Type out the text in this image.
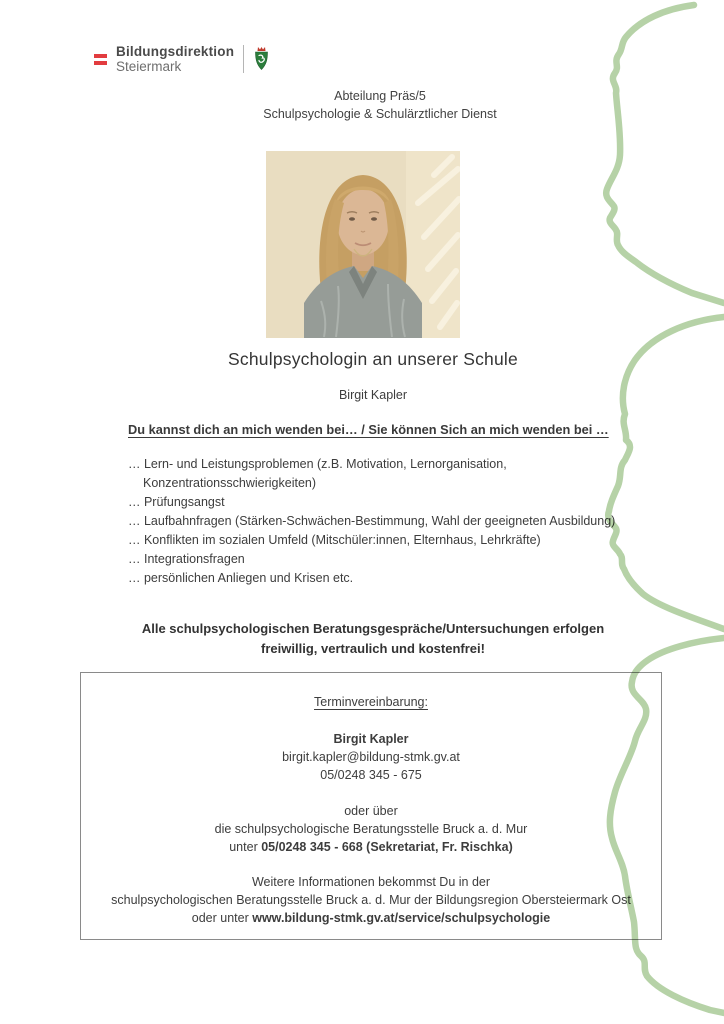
Bildungsdirektion
Steiermark
Abteilung Präs/5
Schulpsychologie & Schulärztlicher Dienst
Schulpsychologin an unserer Schule
Birgit Kapler
Du kannst dich an mich wenden bei… / Sie können Sich an mich wenden bei …
… Lern- und Leistungsproblemen (z.B. Motivation, Lernorganisation, Konzentrationsschwierigkeiten)
… Prüfungsangst
… Laufbahnfragen (Stärken-Schwächen-Bestimmung, Wahl der geeigneten Ausbildung)
… Konflikten im sozialen Umfeld (Mitschüler:innen, Elternhaus, Lehrkräfte)
… Integrationsfragen
… persönlichen Anliegen und Krisen etc.
Alle schulpsychologischen Beratungsgespräche/Untersuchungen erfolgen
freiwillig, vertraulich und kostenfrei!
Terminvereinbarung:
Birgit Kapler
birgit.kapler@bildung-stmk.gv.at
05/0248 345 - 675
oder über
die schulpsychologische Beratungsstelle Bruck a. d. Mur
unter 05/0248 345 - 668 (Sekretariat, Fr. Rischka)
Weitere Informationen bekommst Du in der
schulpsychologischen Beratungsstelle Bruck a. d. Mur der Bildungsregion Obersteiermark Ost
oder unter www.bildung-stmk.gv.at/service/schulpsychologie
